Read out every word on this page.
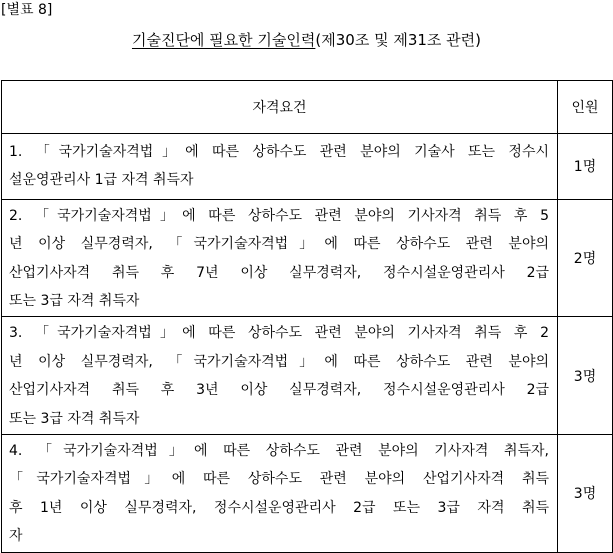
[별표 8]
기술진단에 필요한 기술인력(제30조 및 제31조 관련)
자격요건	인원

1. 「국가기술자격법」에 따른 상하수도 관련 분야의 기술사 또는 정수시
설운영관리사 1급 자격 취득자	1명

2. 「국가기술자격법」에 따른 상하수도 관련 분야의 기사자격 취득 후 5
년 이상 실무경력자, 「국가기술자격법」에 따른 상하수도 관련 분야의
산업기사자격 취득 후 7년 이상 실무경력자, 정수시설운영관리사 2급
또는 3급 자격 취득자	2명

3. 「국가기술자격법」에 따른 상하수도 관련 분야의 기사자격 취득 후 2
년 이상 실무경력자, 「국가기술자격법」에 따른 상하수도 관련 분야의
산업기사자격 취득 후 3년 이상 실무경력자, 정수시설운영관리사 2급
또는 3급 자격 취득자	3명

4. 「국가기술자격법」에 따른 상하수도 관련 분야의 기사자격 취득자,
「국가기술자격법」에 따른 상하수도 관련 분야의 산업기사자격 취득
후 1년 이상 실무경력자, 정수시설운영관리사 2급 또는 3급 자격 취득
자	3명
